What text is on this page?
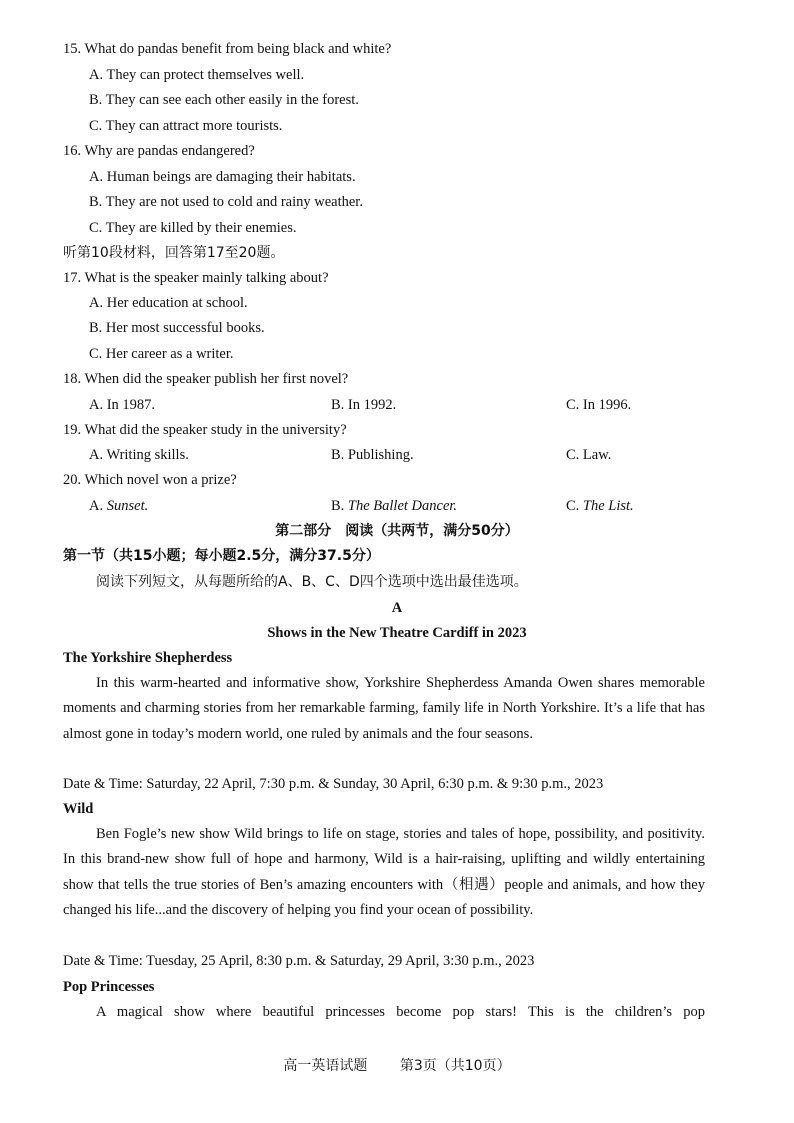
15. What do pandas benefit from being black and white?
A. They can protect themselves well.
B. They can see each other easily in the forest.
C. They can attract more tourists.
16. Why are pandas endangered?
A. Human beings are damaging their habitats.
B. They are not used to cold and rainy weather.
C. They are killed by their enemies.
听第10段材料，回答第17至20题。
17. What is the speaker mainly talking about?
A. Her education at school.
B. Her most successful books.
C. Her career as a writer.
18. When did the speaker publish her first novel?
A. In 1987.	B. In 1992.	C. In 1996.
19. What did the speaker study in the university?
A. Writing skills.	B. Publishing.	C. Law.
20. Which novel won a prize?
A. Sunset.	B. The Ballet Dancer.	C. The List.
第二部分　阅读（共两节，满分50分）
第一节（共15小题；每小题2.5分，满分37.5分）
阅读下列短文，从每题所给的A、B、C、D四个选项中选出最佳选项。
A
Shows in the New Theatre Cardiff in 2023
The Yorkshire Shepherdess
In this warm-hearted and informative show, Yorkshire Shepherdess Amanda Owen shares memorable moments and charming stories from her remarkable farming, family life in North Yorkshire. It’s a life that has almost gone in today’s modern world, one ruled by animals and the four seasons.
Date & Time: Saturday, 22 April, 7:30 p.m. & Sunday, 30 April, 6:30 p.m. & 9:30 p.m., 2023
Wild
Ben Fogle’s new show Wild brings to life on stage, stories and tales of hope, possibility, and positivity. In this brand-new show full of hope and harmony, Wild is a hair-raising, uplifting and wildly entertaining show that tells the true stories of Ben’s amazing encounters with（相遇）people and animals, and how they changed his life...and the discovery of helping you find your ocean of possibility.
Date & Time: Tuesday, 25 April, 8:30 p.m. & Saturday, 29 April, 3:30 p.m., 2023
Pop Princesses
A magical show where beautiful princesses become pop stars! This is the children’s pop
高一英语试题 第3页（共10页）
